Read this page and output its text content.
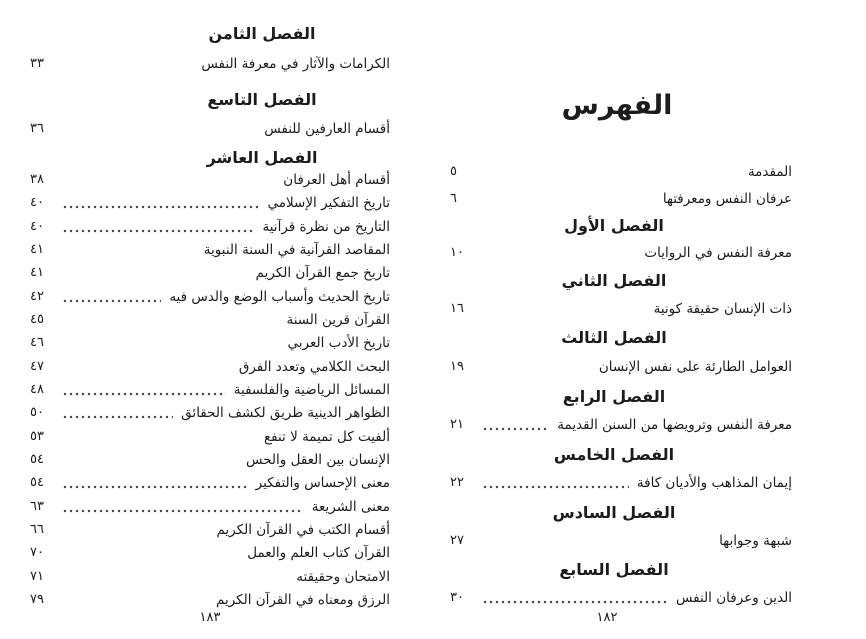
الفصل الثامن
الكرامات والآثار في معرفة النفس
٣٣
الفصل التاسع
أقسام العارفين للنفس
٣٦
الفصل العاشر
أقسام أهل العرفان
٣٨
تاريخ التفكير الإسلامي
٤٠
التاريخ من نظرة قرآنية
٤٠
المقاصد القرآنية في السنة النبوية
٤١
تاريخ جمع القرآن الكريم
٤١
تاريخ الحديث وأسباب الوضع والدس فيه
٤٢
القرآن قرين السنة
٤٥
تاريخ الأدب العربي
٤٦
البحث الكلامي وتعدد الفرق
٤٧
المسائل الرياضية والفلسفية
٤٨
الظواهر الدينية طريق لكشف الحقائق
٥٠
ألفيت كل تميمة لا تنفع
٥٣
الإنسان بين العقل والحس
٥٤
معنى الإحساس والتفكير
٥٤
معنى الشريعة
٦٣
أقسام الكتب في القرآن الكريم
٦٦
القرآن كتاب العلم والعمل
٧٠
الامتحان وحقيقته
٧١
الرزق ومعناه في القرآن الكريم
٧٩
١٨٣
الفهرس
المقدمة
٥
عرفان النفس ومعرفتها
٦
الفصل الأول
معرفة النفس في الروايات
١٠
الفصل الثاني
ذات الإنسان حقيقة كونية
١٦
الفصل الثالث
العوامل الطارئة على نفس الإنسان
١٩
الفصل الرابع
معرفة النفس وترويضها من السنن القديمة
٢١
الفصل الخامس
إيمان المذاهب والأديان كافة
٢٢
الفصل السادس
شبهة وجوابها
٢٧
الفصل السابع
الدين وعرفان النفس
٣٠
١٨٢
